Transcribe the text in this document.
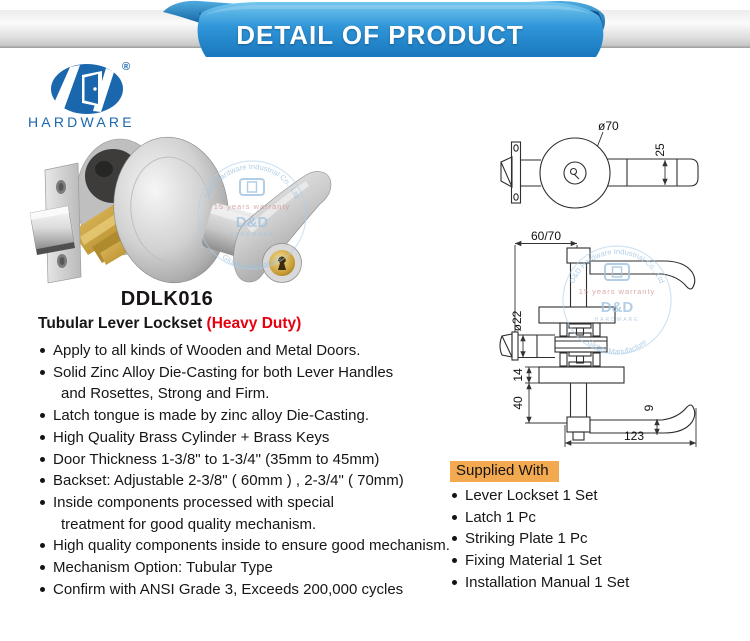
DETAIL OF PRODUCT
®
HARDWARE
D&D Hardware Industrial Co., Ltd
15 years warranty
D&D
HARDWARE
Global Manufacture
DDLK016
ø70
25
60/70
ø22
14
40	9
123
D&D Hardware Industrial Co., Ltd
15 years warranty
D&D
HARDWARE
Global Manufacture
Tubular Lever Lockset (Heavy Duty)
Apply to all kinds of Wooden and Metal Doors.
Solid Zinc Alloy Die-Casting for both Lever Handles
and Rosettes, Strong and Firm.
Latch tongue is made by zinc alloy Die-Casting.
High Quality Brass Cylinder + Brass Keys
Door Thickness 1-3/8" to 1-3/4" (35mm to 45mm)
Backset: Adjustable 2-3/8" ( 60mm ) , 2-3/4" ( 70mm)
Inside components processed with special
treatment for good quality mechanism.
High quality components inside to ensure good mechanism.
Mechanism Option: Tubular Type
Confirm with ANSI Grade 3, Exceeds 200,000 cycles
Supplied With
Lever Lockset 1 Set
Latch 1 Pc
Striking Plate 1 Pc
Fixing Material 1 Set
Installation Manual 1 Set
